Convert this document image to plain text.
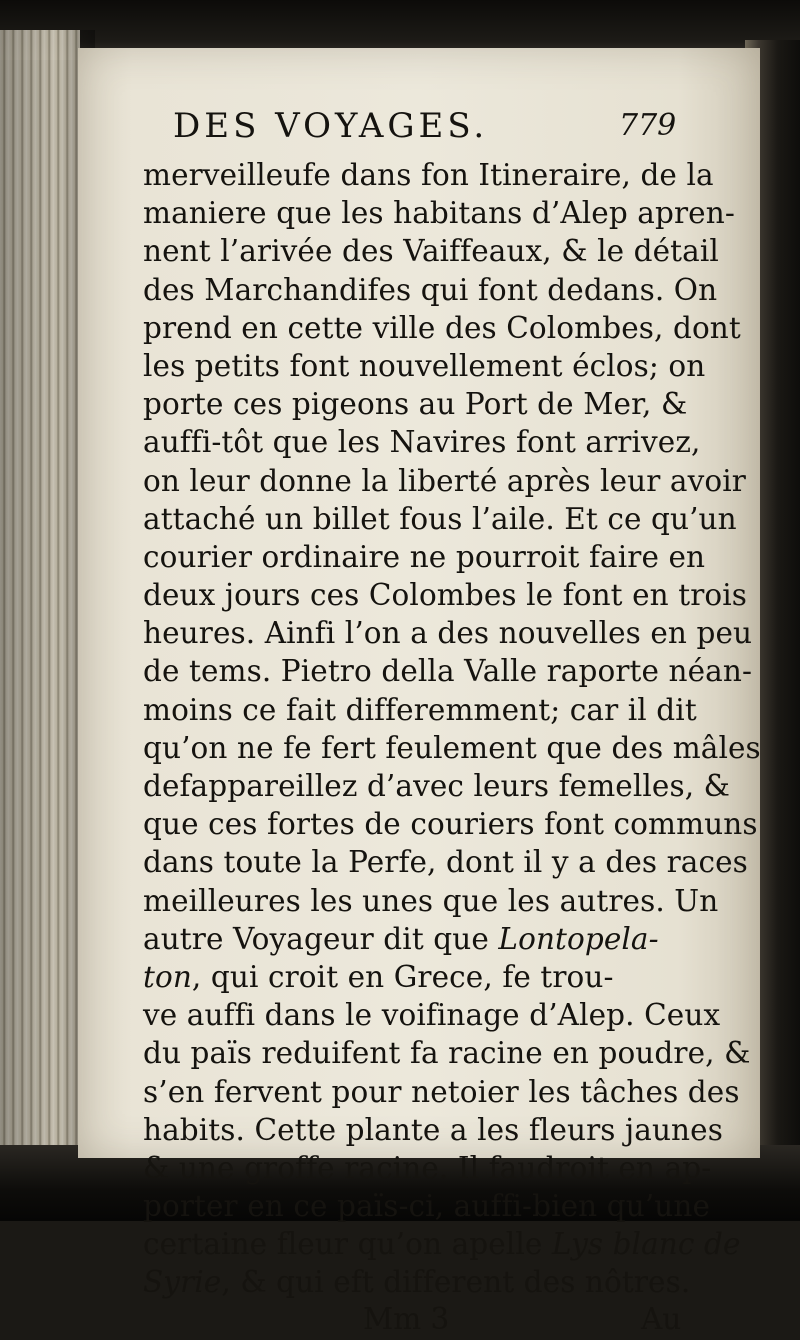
DES VOYAGES.	779
merveilleufe dans fon Itineraire, de la
maniere que les habitans d’Alep apren-
nent l’arivée des Vaiffeaux, & le détail
des Marchandifes qui font dedans. On
prend en cette ville des Colombes, dont
les petits font nouvellement éclos; on
porte ces pigeons au Port de Mer, &
auffi-tôt que les Navires font arrivez,
on leur donne la liberté après leur avoir
attaché un billet fous l’aile. Et ce qu’un
courier ordinaire ne pourroit faire en
deux jours ces Colombes le font en trois
heures. Ainfi l’on a des nouvelles en peu
de tems. Pietro della Valle raporte néan-
moins ce fait differemment; car il dit
qu’on ne fe fert feulement que des mâles
defappareillez d’avec leurs femelles, &
que ces fortes de couriers font communs
dans toute la Perfe, dont il y a des races
meilleures les unes que les autres. Un
autre Voyageur dit que Lontopela-
ton, qui croit en Grece, fe trou-
ve auffi dans le voifinage d’Alep. Ceux
du païs reduifent fa racine en poudre, &
s’en fervent pour netoier les tâches des
habits. Cette plante a les fleurs jaunes
& une groffe racine. Il faudroit en ap-
porter en ce païs-ci, auffi-bien qu’une
certaine fleur qu’on apelle Lys blanc de
Syrie, & qui eft different des nôtres.
Mm 3	Au
